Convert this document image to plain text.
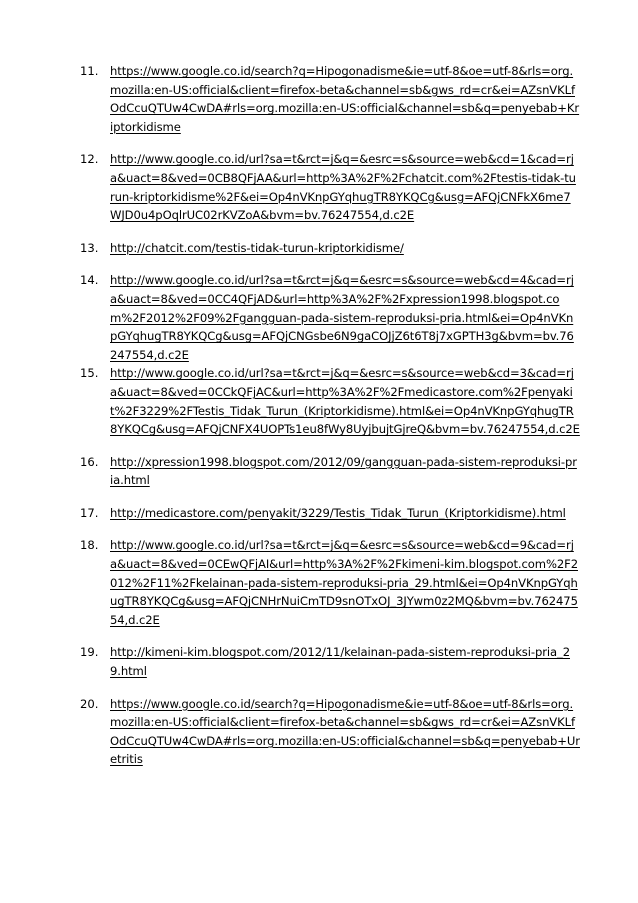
11. https://www.google.co.id/search?q=Hipogonadisme&ie=utf-8&oe=utf-8&rls=org.mozilla:en-US:official&client=firefox-beta&channel=sb&gws_rd=cr&ei=AZsnVKLfOdCcuQTUw4CwDA#rls=org.mozilla:en-US:official&channel=sb&q=penyebab+Kriptorkidisme
12. http://www.google.co.id/url?sa=t&rct=j&q=&esrc=s&source=web&cd=1&cad=rja&uact=8&ved=0CB8QFjAA&url=http%3A%2F%2Fchatcit.com%2Ftestis-tidak-turun-kriptorkidisme%2F&ei=Op4nVKnpGYqhugTR8YKQCg&usg=AFQjCNFkX6me7WJD0u4pOqlrUC02rKVZoA&bvm=bv.76247554,d.c2E
13. http://chatcit.com/testis-tidak-turun-kriptorkidisme/
14. http://www.google.co.id/url?sa=t&rct=j&q=&esrc=s&source=web&cd=4&cad=rja&uact=8&ved=0CC4QFjAD&url=http%3A%2F%2Fxpression1998.blogspot.com%2F2012%2F09%2Fgangguan-pada-sistem-reproduksi-pria.html&ei=Op4nVKnpGYqhugTR8YKQCg&usg=AFQjCNGsbe6N9gaCOJjZ6t6T8j7xGPTH3g&bvm=bv.76247554,d.c2E
15. http://www.google.co.id/url?sa=t&rct=j&q=&esrc=s&source=web&cd=3&cad=rja&uact=8&ved=0CCkQFjAC&url=http%3A%2F%2Fmedicastore.com%2Fpenyakit%2F3229%2FTestis_Tidak_Turun_(Kriptorkidisme).html&ei=Op4nVKnpGYqhugTR8YKQCg&usg=AFQjCNFX4UOPTs1eu8fWy8UyjbujtGjreQ&bvm=bv.76247554,d.c2E
16. http://xpression1998.blogspot.com/2012/09/gangguan-pada-sistem-reproduksi-pria.html
17. http://medicastore.com/penyakit/3229/Testis_Tidak_Turun_(Kriptorkidisme).html
18. http://www.google.co.id/url?sa=t&rct=j&q=&esrc=s&source=web&cd=9&cad=rja&uact=8&ved=0CEwQFjAI&url=http%3A%2F%2Fkimeni-kim.blogspot.com%2F2012%2F11%2Fkelainan-pada-sistem-reproduksi-pria_29.html&ei=Op4nVKnpGYqhugTR8YKQCg&usg=AFQjCNHrNuiCmTD9snOTxOJ_3JYwm0z2MQ&bvm=bv.76247554,d.c2E
19. http://kimeni-kim.blogspot.com/2012/11/kelainan-pada-sistem-reproduksi-pria_29.html
20. https://www.google.co.id/search?q=Hipogonadisme&ie=utf-8&oe=utf-8&rls=org.mozilla:en-US:official&client=firefox-beta&channel=sb&gws_rd=cr&ei=AZsnVKLfOdCcuQTUw4CwDA#rls=org.mozilla:en-US:official&channel=sb&q=penyebab+Uretritis
